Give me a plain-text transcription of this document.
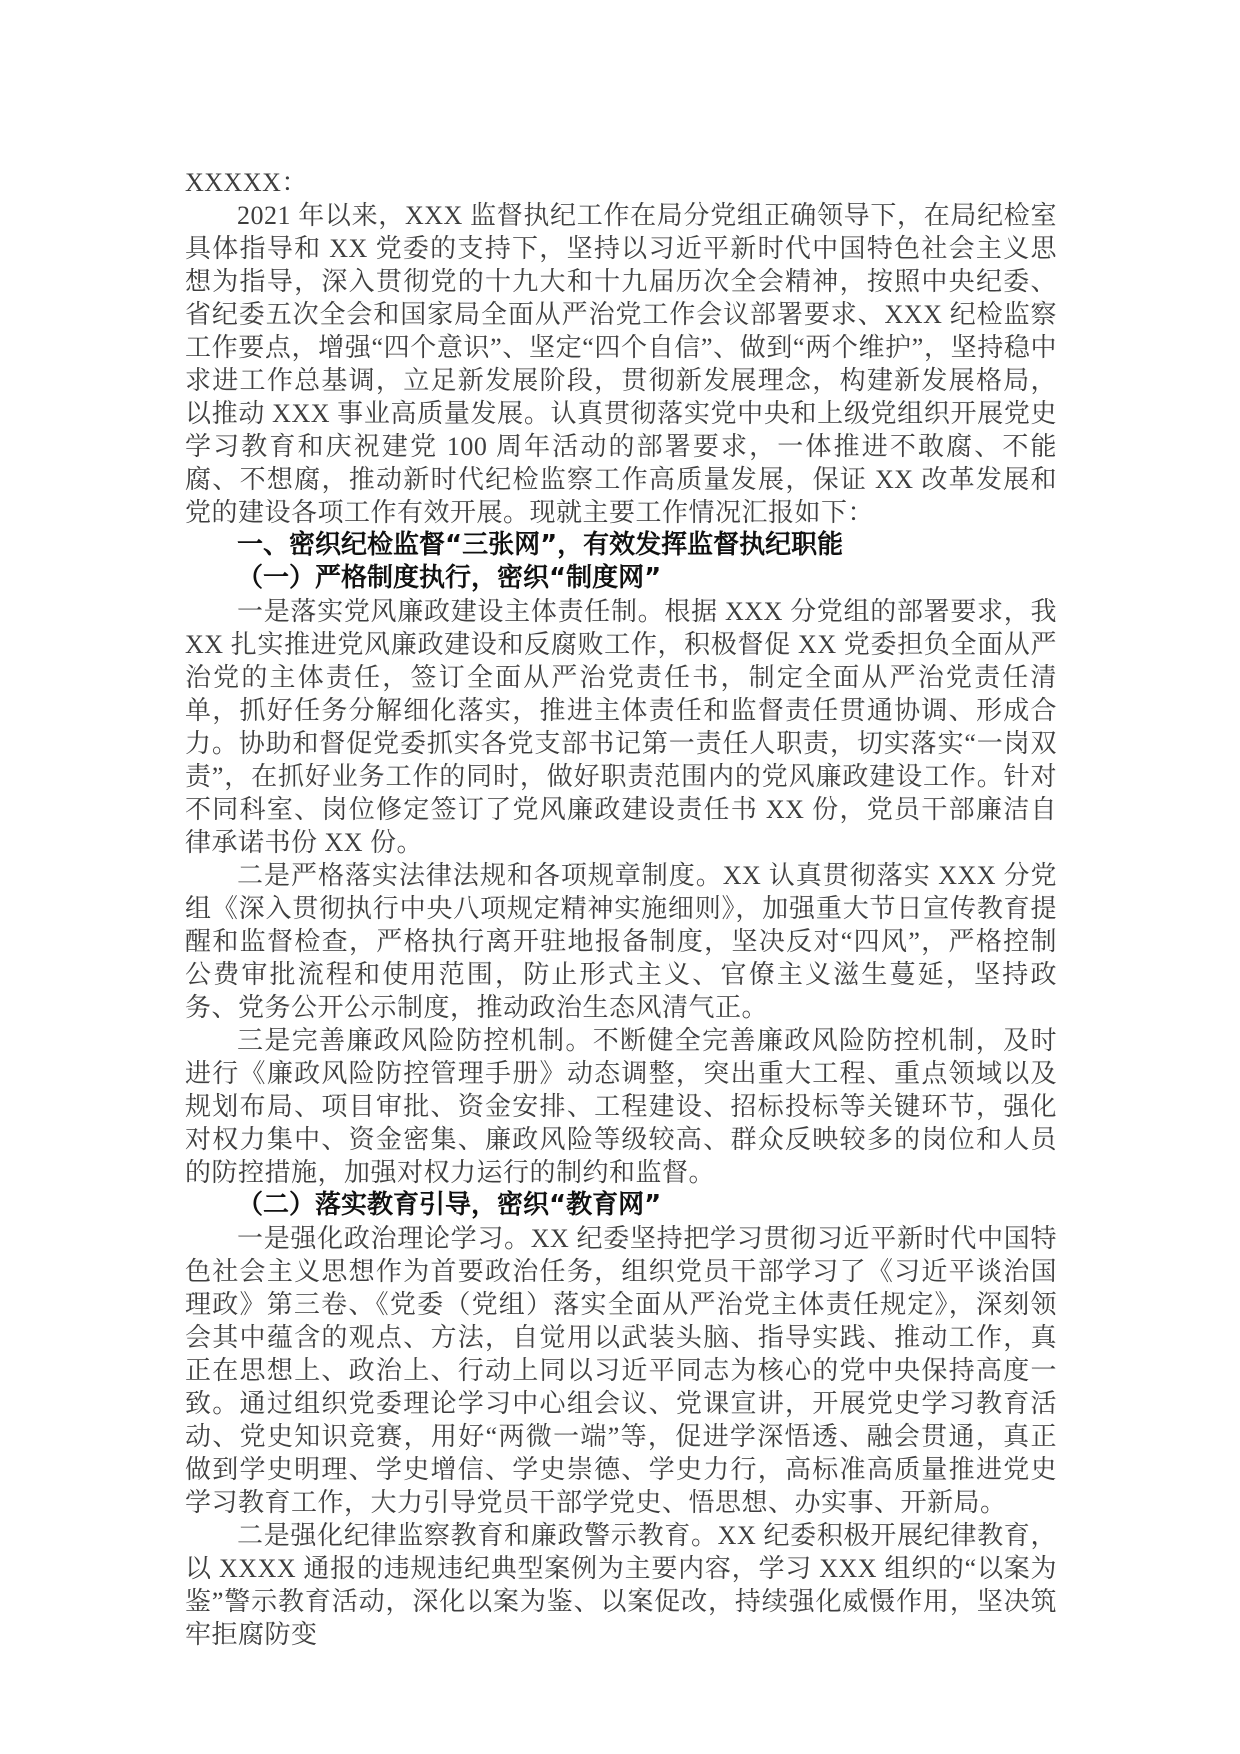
XXXXX：

2021 年以来，XXX 监督执纪工作在局分党组正确领导下，在局纪检室具体指导和 XX 党委的支持下，坚持以习近平新时代中国特色社会主义思想为指导，深入贯彻党的十九大和十九届历次全会精神，按照中央纪委、省纪委五次全会和国家局全面从严治党工作会议部署要求、XXX 纪检监察工作要点，增强“四个意识”、坚定“四个自信”、做到“两个维护”，坚持稳中求进工作总基调，立足新发展阶段，贯彻新发展理念，构建新发展格局，以推动 XXX 事业高质量发展。认真贯彻落实党中央和上级党组织开展党史学习教育和庆祝建党 100 周年活动的部署要求，一体推进不敢腐、不能腐、不想腐，推动新时代纪检监察工作高质量发展，保证 XX 改革发展和党的建设各项工作有效开展。现就主要工作情况汇报如下：

一、密织纪检监督“三张网”，有效发挥监督执纪职能

（一）严格制度执行，密织“制度网”

一是落实党风廉政建设主体责任制。根据 XXX 分党组的部署要求，我 XX 扎实推进党风廉政建设和反腐败工作，积极督促 XX 党委担负全面从严治党的主体责任，签订全面从严治党责任书，制定全面从严治党责任清单，抓好任务分解细化落实，推进主体责任和监督责任贯通协调、形成合力。协助和督促党委抓实各党支部书记第一责任人职责，切实落实“一岗双责”，在抓好业务工作的同时，做好职责范围内的党风廉政建设工作。针对不同科室、岗位修定签订了党风廉政建设责任书 XX 份，党员干部廉洁自律承诺书份 XX 份。

二是严格落实法律法规和各项规章制度。XX 认真贯彻落实 XXX 分党组《深入贯彻执行中央八项规定精神实施细则》，加强重大节日宣传教育提醒和监督检查，严格执行离开驻地报备制度，坚决反对“四风”，严格控制公费审批流程和使用范围，防止形式主义、官僚主义滋生蔓延，坚持政务、党务公开公示制度，推动政治生态风清气正。

三是完善廉政风险防控机制。不断健全完善廉政风险防控机制，及时进行《廉政风险防控管理手册》动态调整，突出重大工程、重点领域以及规划布局、项目审批、资金安排、工程建设、招标投标等关键环节，强化对权力集中、资金密集、廉政风险等级较高、群众反映较多的岗位和人员的防控措施，加强对权力运行的制约和监督。

（二）落实教育引导，密织“教育网”

一是强化政治理论学习。XX 纪委坚持把学习贯彻习近平新时代中国特色社会主义思想作为首要政治任务，组织党员干部学习了《习近平谈治国理政》第三卷、《党委（党组）落实全面从严治党主体责任规定》，深刻领会其中蕴含的观点、方法，自觉用以武装头脑、指导实践、推动工作，真正在思想上、政治上、行动上同以习近平同志为核心的党中央保持高度一致。通过组织党委理论学习中心组会议、党课宣讲，开展党史学习教育活动、党史知识竞赛，用好“两微一端”等，促进学深悟透、融会贯通，真正做到学史明理、学史增信、学史崇德、学史力行，高标准高质量推进党史学习教育工作，大力引导党员干部学党史、悟思想、办实事、开新局。

二是强化纪律监察教育和廉政警示教育。XX 纪委积极开展纪律教育，以 XXXX 通报的违规违纪典型案例为主要内容，学习 XXX 组织的“以案为鉴”警示教育活动，深化以案为鉴、以案促改，持续强化威慑作用，坚决筑牢拒腐防变
